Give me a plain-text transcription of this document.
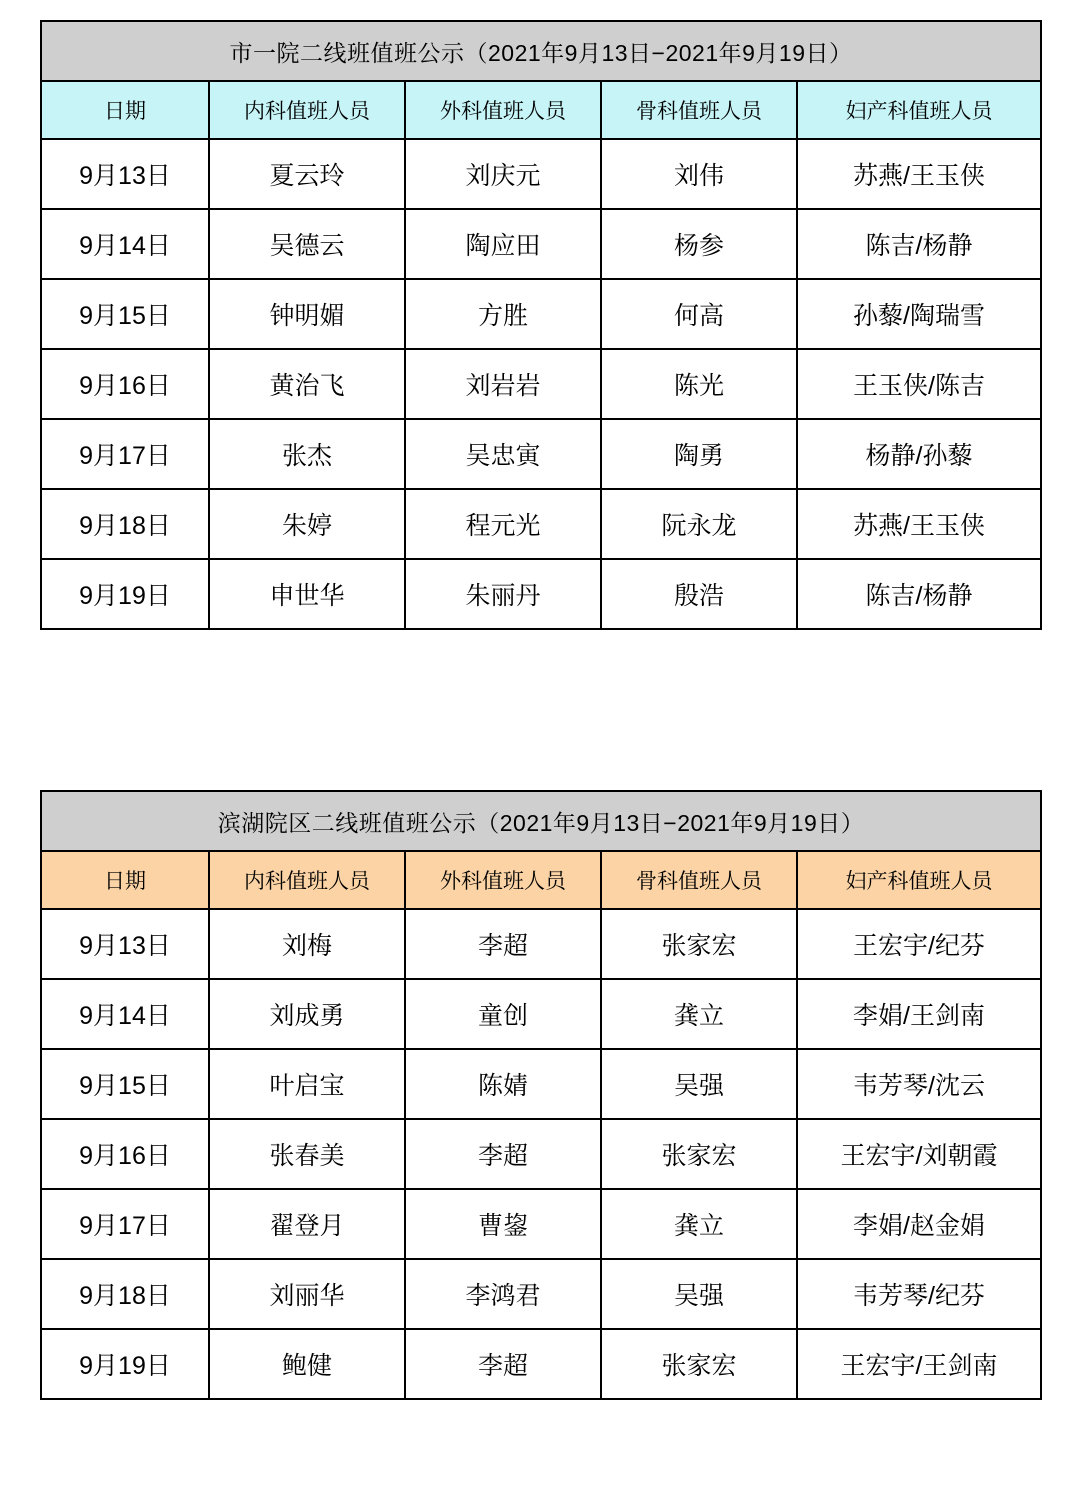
市一院二线班值班公示（2021年9月13日−2021年9月19日）				
日期	内科值班人员	外科值班人员	骨科值班人员	妇产科值班人员
9月13日	夏云玲	刘庆元	刘伟	苏燕/王玉侠
9月14日	吴德云	陶应田	杨参	陈吉/杨静
9月15日	钟明媚	方胜	何高	孙藜/陶瑞雪
9月16日	黄治飞	刘岩岩	陈光	王玉侠/陈吉
9月17日	张杰	吴忠寅	陶勇	杨静/孙藜
9月18日	朱婷	程元光	阮永龙	苏燕/王玉侠
9月19日	申世华	朱丽丹	殷浩	陈吉/杨静
滨湖院区二线班值班公示（2021年9月13日−2021年9月19日）				
日期	内科值班人员	外科值班人员	骨科值班人员	妇产科值班人员
9月13日	刘梅	李超	张家宏	王宏宇/纪芬
9月14日	刘成勇	童创	龚立	李娟/王剑南
9月15日	叶启宝	陈婧	吴强	韦芳琴/沈云
9月16日	张春美	李超	张家宏	王宏宇/刘朝霞
9月17日	翟登月	曹鋆	龚立	李娟/赵金娟
9月18日	刘丽华	李鸿君	吴强	韦芳琴/纪芬
9月19日	鲍健	李超	张家宏	王宏宇/王剑南
